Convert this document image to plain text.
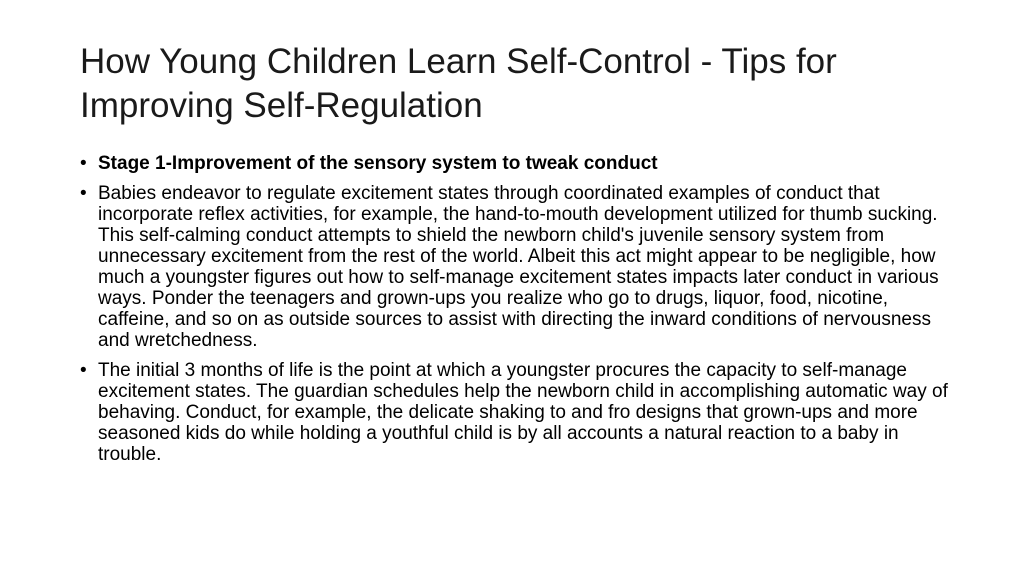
How Young Children Learn Self-Control - Tips for Improving Self-Regulation
• Stage 1-Improvement of the sensory system to tweak conduct
• Babies endeavor to regulate excitement states through coordinated examples of conduct that incorporate reflex activities, for example, the hand-to-mouth development utilized for thumb sucking. This self-calming conduct attempts to shield the newborn child's juvenile sensory system from unnecessary excitement from the rest of the world. Albeit this act might appear to be negligible, how much a youngster figures out how to self-manage excitement states impacts later conduct in various ways. Ponder the teenagers and grown-ups you realize who go to drugs, liquor, food, nicotine, caffeine, and so on as outside sources to assist with directing the inward conditions of nervousness and wretchedness.
• The initial 3 months of life is the point at which a youngster procures the capacity to self-manage excitement states. The guardian schedules help the newborn child in accomplishing automatic way of behaving. Conduct, for example, the delicate shaking to and fro designs that grown-ups and more seasoned kids do while holding a youthful child is by all accounts a natural reaction to a baby in trouble.
